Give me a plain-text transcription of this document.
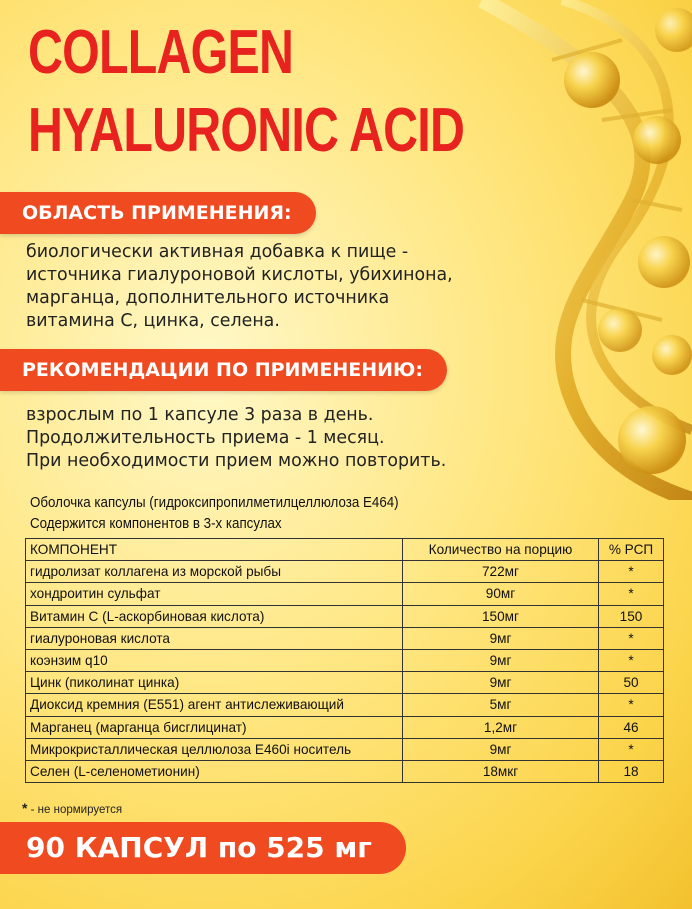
COLLAGEN
HYALURONIC ACID
ОБЛАСТЬ ПРИМЕНЕНИЯ:
биологически активная добавка к пище -
источника гиалуроновой кислоты, убихинона,
марганца, дополнительного источника
витамина С, цинка, селена.
РЕКОМЕНДАЦИИ ПО ПРИМЕНЕНИЮ:
взрослым по 1 капсуле 3 раза в день.
Продолжительность приема - 1 месяц.
При необходимости прием можно повторить.
Оболочка капсулы (гидроксипропилметилцеллюлоза Е464)
Содержится компонентов в 3-х капсулах
КОМПОНЕНТ	Количество на порцию	% РСП
гидролизат коллагена из морской рыбы	722мг	*
хондроитин сульфат	90мг	*
Витамин С (L-аскорбиновая кислота)	150мг	150
гиалуроновая кислота	9мг	*
коэнзим q10	9мг	*
Цинк (пиколинат цинка)	9мг	50
Диоксид кремния (Е551) агент антислеживающий	5мг	*
Марганец (марганца бисглицинат)	1,2мг	46
Микрокристаллическая целлюлоза Е460i носитель	9мг	*
Селен (L-селенометионин)	18мкг	18
* - не нормируется
90 КАПСУЛ по 525 мг
